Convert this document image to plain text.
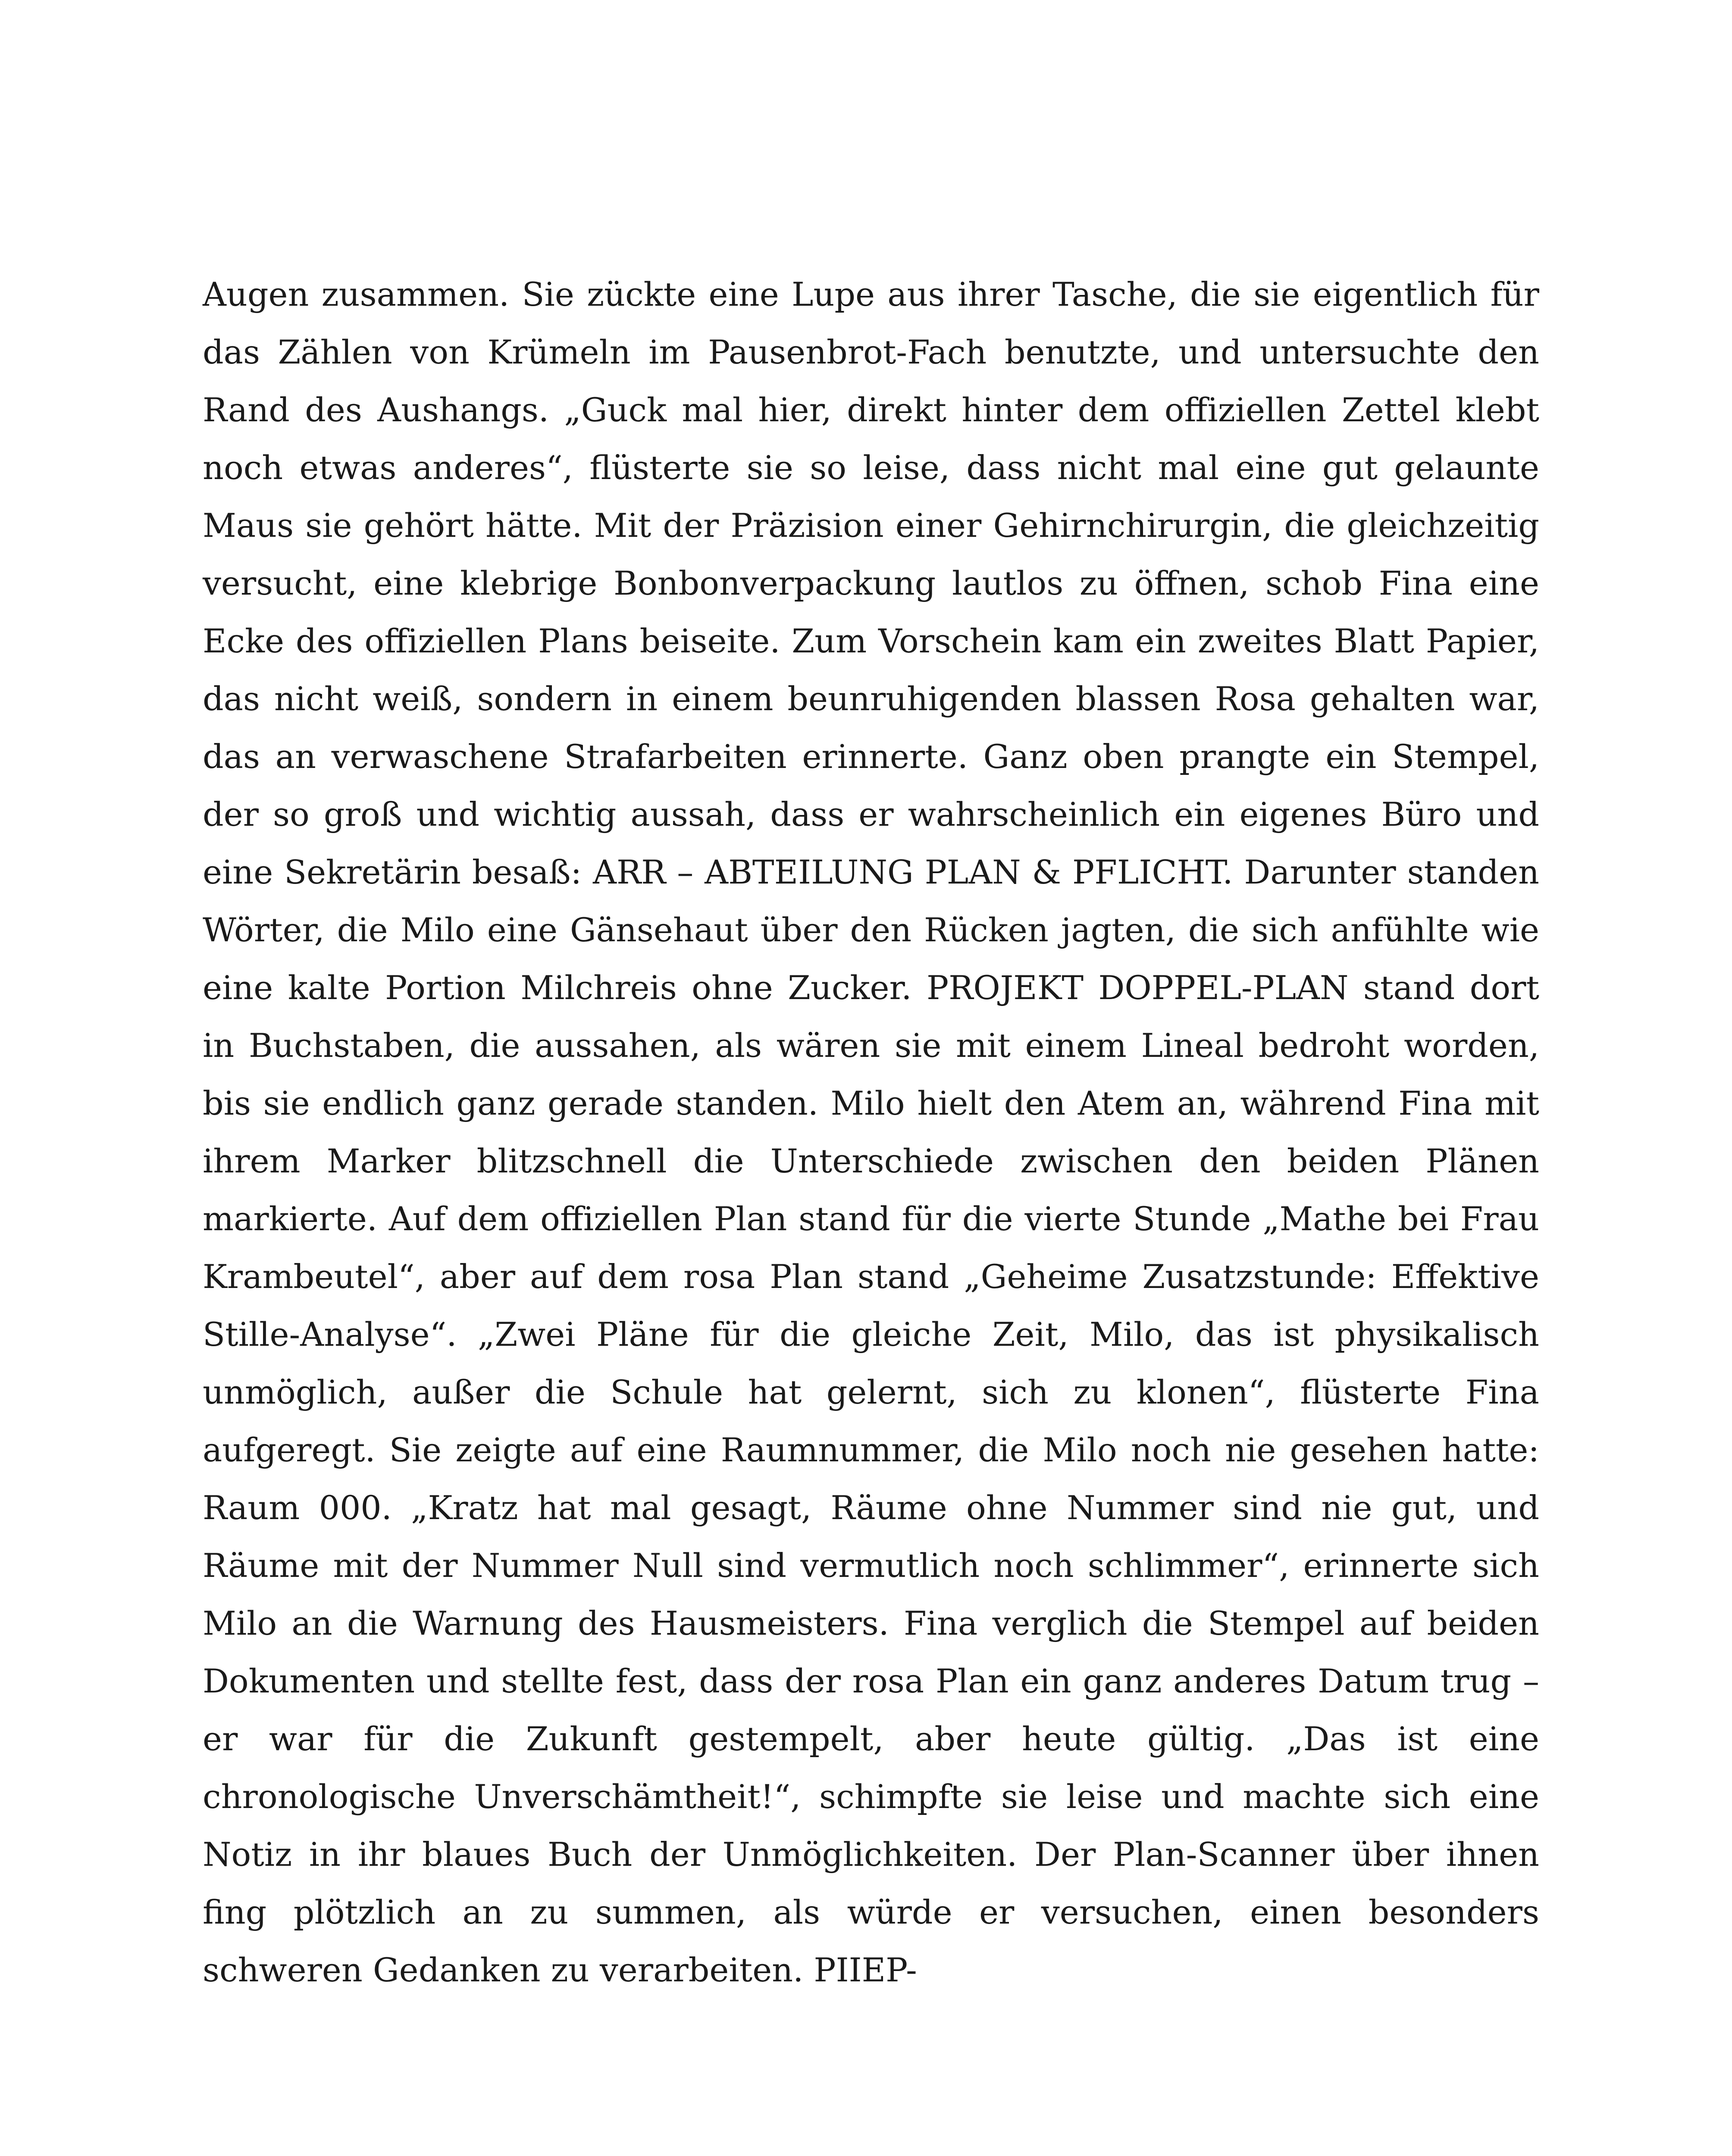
Augen zusammen. Sie zückte eine Lupe aus ihrer Tasche, die sie eigentlich für das Zählen von Krümeln im Pausenbrot-Fach benutzte, und untersuchte den Rand des Aushangs. „Guck mal hier, direkt hinter dem offiziellen Zettel klebt noch etwas anderes“, flüsterte sie so leise, dass nicht mal eine gut gelaunte Maus sie gehört hätte. Mit der Präzision einer Gehirnchirurgin, die gleichzeitig versucht, eine klebrige Bonbonverpackung lautlos zu öffnen, schob Fina eine Ecke des offiziellen Plans beiseite. Zum Vorschein kam ein zweites Blatt Papier, das nicht weiß, sondern in einem beunruhigenden blassen Rosa gehalten war, das an verwaschene Strafarbeiten erinnerte. Ganz oben prangte ein Stempel, der so groß und wichtig aussah, dass er wahrscheinlich ein eigenes Büro und eine Sekretärin besaß: ARR – ABTEILUNG PLAN & PFLICHT. Darunter standen Wörter, die Milo eine Gänsehaut über den Rücken jagten, die sich anfühlte wie eine kalte Portion Milchreis ohne Zucker. PROJEKT DOPPEL-PLAN stand dort in Buchstaben, die aussahen, als wären sie mit einem Lineal bedroht worden, bis sie endlich ganz gerade standen. Milo hielt den Atem an, während Fina mit ihrem Marker blitzschnell die Unterschiede zwischen den beiden Plänen markierte. Auf dem offiziellen Plan stand für die vierte Stunde „Mathe bei Frau Krambeutel“, aber auf dem rosa Plan stand „Geheime Zusatzstunde: Effektive Stille-Analyse“. „Zwei Pläne für die gleiche Zeit, Milo, das ist physikalisch unmöglich, außer die Schule hat gelernt, sich zu klonen“, flüsterte Fina aufgeregt. Sie zeigte auf eine Raumnummer, die Milo noch nie gesehen hatte: Raum 000. „Kratz hat mal gesagt, Räume ohne Nummer sind nie gut, und Räume mit der Nummer Null sind vermutlich noch schlimmer“, erinnerte sich Milo an die Warnung des Hausmeisters. Fina verglich die Stempel auf beiden Dokumenten und stellte fest, dass der rosa Plan ein ganz anderes Datum trug – er war für die Zukunft gestempelt, aber heute gültig. „Das ist eine chronologische Unverschämtheit!“, schimpfte sie leise und machte sich eine Notiz in ihr blaues Buch der Unmöglichkeiten. Der Plan-Scanner über ihnen fing plötzlich an zu summen, als würde er versuchen, einen besonders schweren Gedanken zu verarbeiten. PIIEP-
